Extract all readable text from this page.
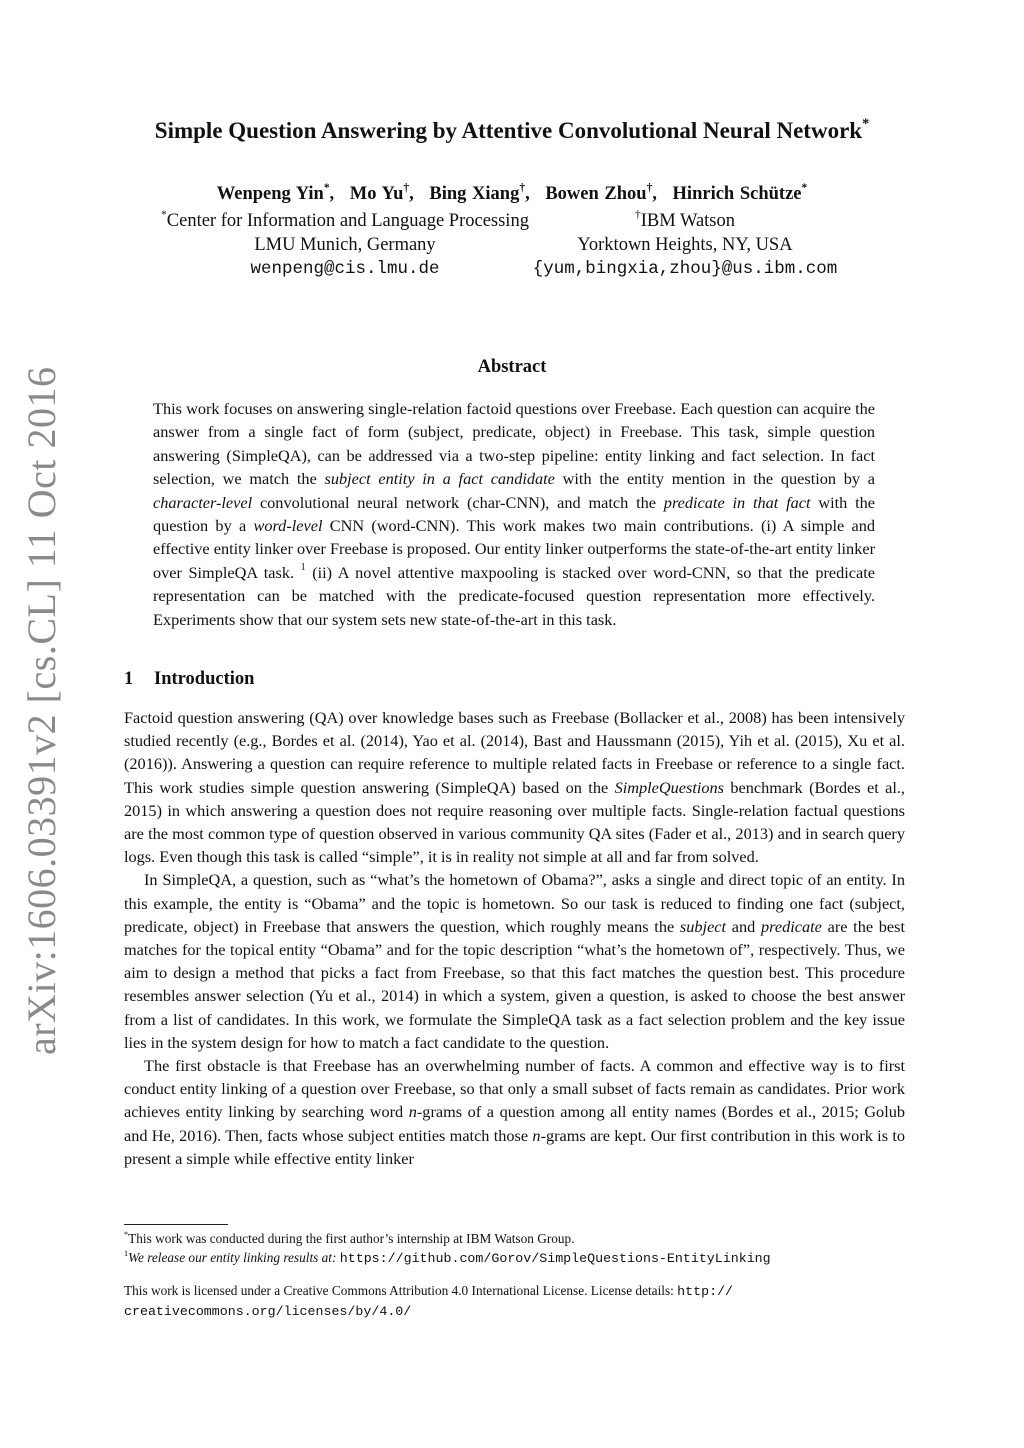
arXiv:1606.03391v2 [cs.CL] 11 Oct 2016
Simple Question Answering by Attentive Convolutional Neural Network*
Wenpeng Yin*, Mo Yu†, Bing Xiang†, Bowen Zhou†, Hinrich Schütze*
*Center for Information and Language Processing
LMU Munich, Germany
wenpeng@cis.lmu.de
†IBM Watson
Yorktown Heights, NY, USA
{yum,bingxia,zhou}@us.ibm.com
Abstract
This work focuses on answering single-relation factoid questions over Freebase. Each question can acquire the answer from a single fact of form (subject, predicate, object) in Freebase. This task, simple question answering (SimpleQA), can be addressed via a two-step pipeline: entity linking and fact selection. In fact selection, we match the subject entity in a fact candidate with the entity mention in the question by a character-level convolutional neural network (char-CNN), and match the predicate in that fact with the question by a word-level CNN (word-CNN). This work makes two main contributions. (i) A simple and effective entity linker over Freebase is proposed. Our entity linker outperforms the state-of-the-art entity linker over SimpleQA task. $^1$ (ii) A novel attentive maxpooling is stacked over word-CNN, so that the predicate representation can be matched with the predicate-focused question representation more effectively. Experiments show that our system sets new state-of-the-art in this task.
1 Introduction

Factoid question answering (QA) over knowledge bases such as Freebase (Bollacker et al., 2008) has been intensively studied recently (e.g., Bordes et al. (2014), Yao et al. (2014), Bast and Haussmann (2015), Yih et al. (2015), Xu et al. (2016)). Answering a question can require reference to multiple related facts in Freebase or reference to a single fact. This work studies simple question answering (SimpleQA) based on the SimpleQuestions benchmark (Bordes et al., 2015) in which answering a question does not require reasoning over multiple facts. Single-relation factual questions are the most common type of question observed in various community QA sites (Fader et al., 2013) and in search query logs. Even though this task is called “simple”, it is in reality not simple at all and far from solved.

In SimpleQA, a question, such as “what’s the hometown of Obama?”, asks a single and direct topic of an entity. In this example, the entity is “Obama” and the topic is hometown. So our task is reduced to finding one fact (subject, predicate, object) in Freebase that answers the question, which roughly means the subject and predicate are the best matches for the topical entity “Obama” and for the topic description “what’s the hometown of”, respectively. Thus, we aim to design a method that picks a fact from Freebase, so that this fact matches the question best. This procedure resembles answer selection (Yu et al., 2014) in which a system, given a question, is asked to choose the best answer from a list of candidates. In this work, we formulate the SimpleQA task as a fact selection problem and the key issue lies in the system design for how to match a fact candidate to the question.

The first obstacle is that Freebase has an overwhelming number of facts. A common and effective way is to first conduct entity linking of a question over Freebase, so that only a small subset of facts remain as candidates. Prior work achieves entity linking by searching word n-grams of a question among all entity names (Bordes et al., 2015; Golub and He, 2016). Then, facts whose subject entities match those n-grams are kept. Our first contribution in this work is to present a simple while effective entity linker

*This work was conducted during the first author’s internship at IBM Watson Group.
$^1$We release our entity linking results at: https://github.com/Gorov/SimpleQuestions-EntityLinking
This work is licensed under a Creative Commons Attribution 4.0 International License. License details: http://
creativecommons.org/licenses/by/4.0/
